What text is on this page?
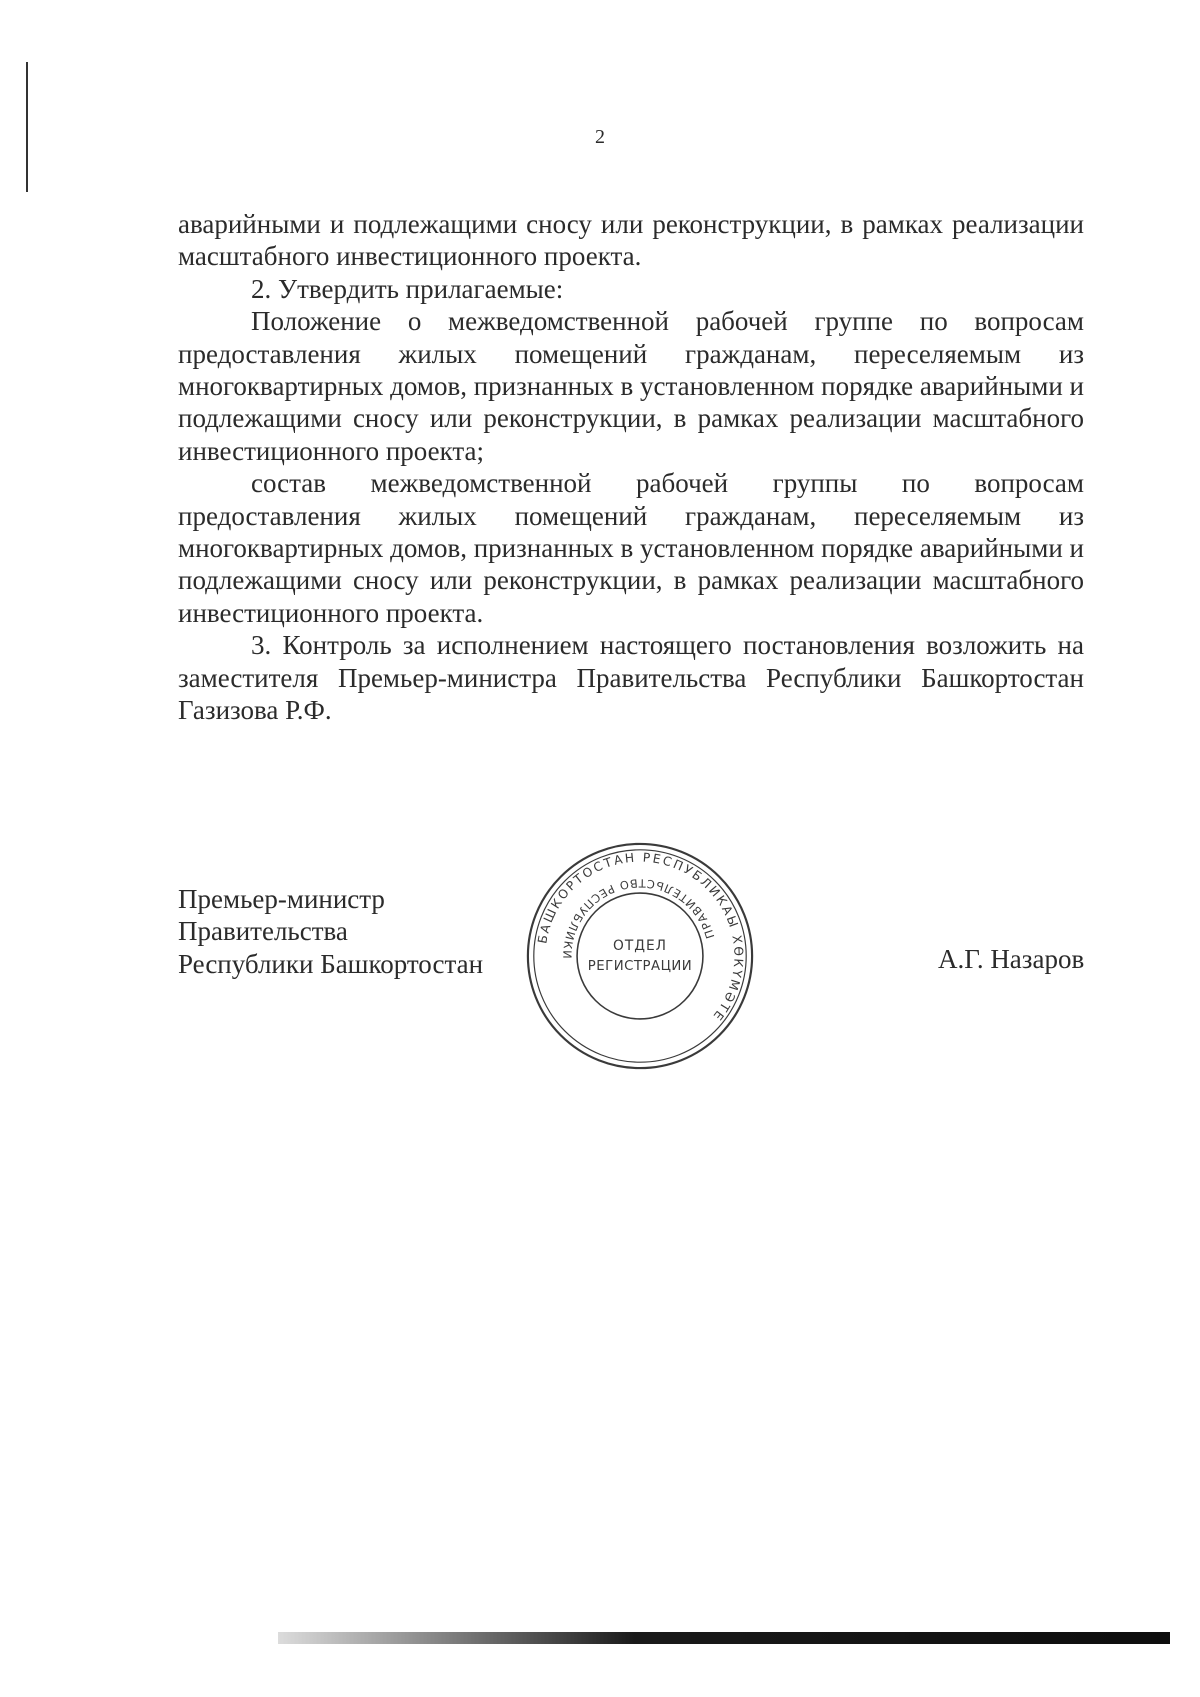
2

аварийными и подлежащими сносу или реконструкции, в рамках реализации масштабного инвестиционного проекта.

2. Утвердить прилагаемые:

Положение о межведомственной рабочей группе по вопросам предоставления жилых помещений гражданам, переселяемым из многоквартирных домов, признанных в установленном порядке аварийными и подлежащими сносу или реконструкции, в рамках реализации масштабного инвестиционного проекта;

состав межведомственной рабочей группы по вопросам предоставления жилых помещений гражданам, переселяемым из многоквартирных домов, признанных в установленном порядке аварийными и подлежащими сносу или реконструкции, в рамках реализации масштабного инвестиционного проекта.

3. Контроль за исполнением настоящего постановления возложить на заместителя Премьер-министра Правительства Республики Башкортостан Газизова Р.Ф.

Премьер-министр
Правительства
Республики Башкортостан	А.Г. Назаров
БАШКОРТОСТАН РЕСПУБЛИКАЫ ХӨКҮМӘТЕ
ПРАВИТЕЛЬСТВО РЕСПУБЛИКИ
ОТДЕЛ
РЕГИСТРАЦИИ
